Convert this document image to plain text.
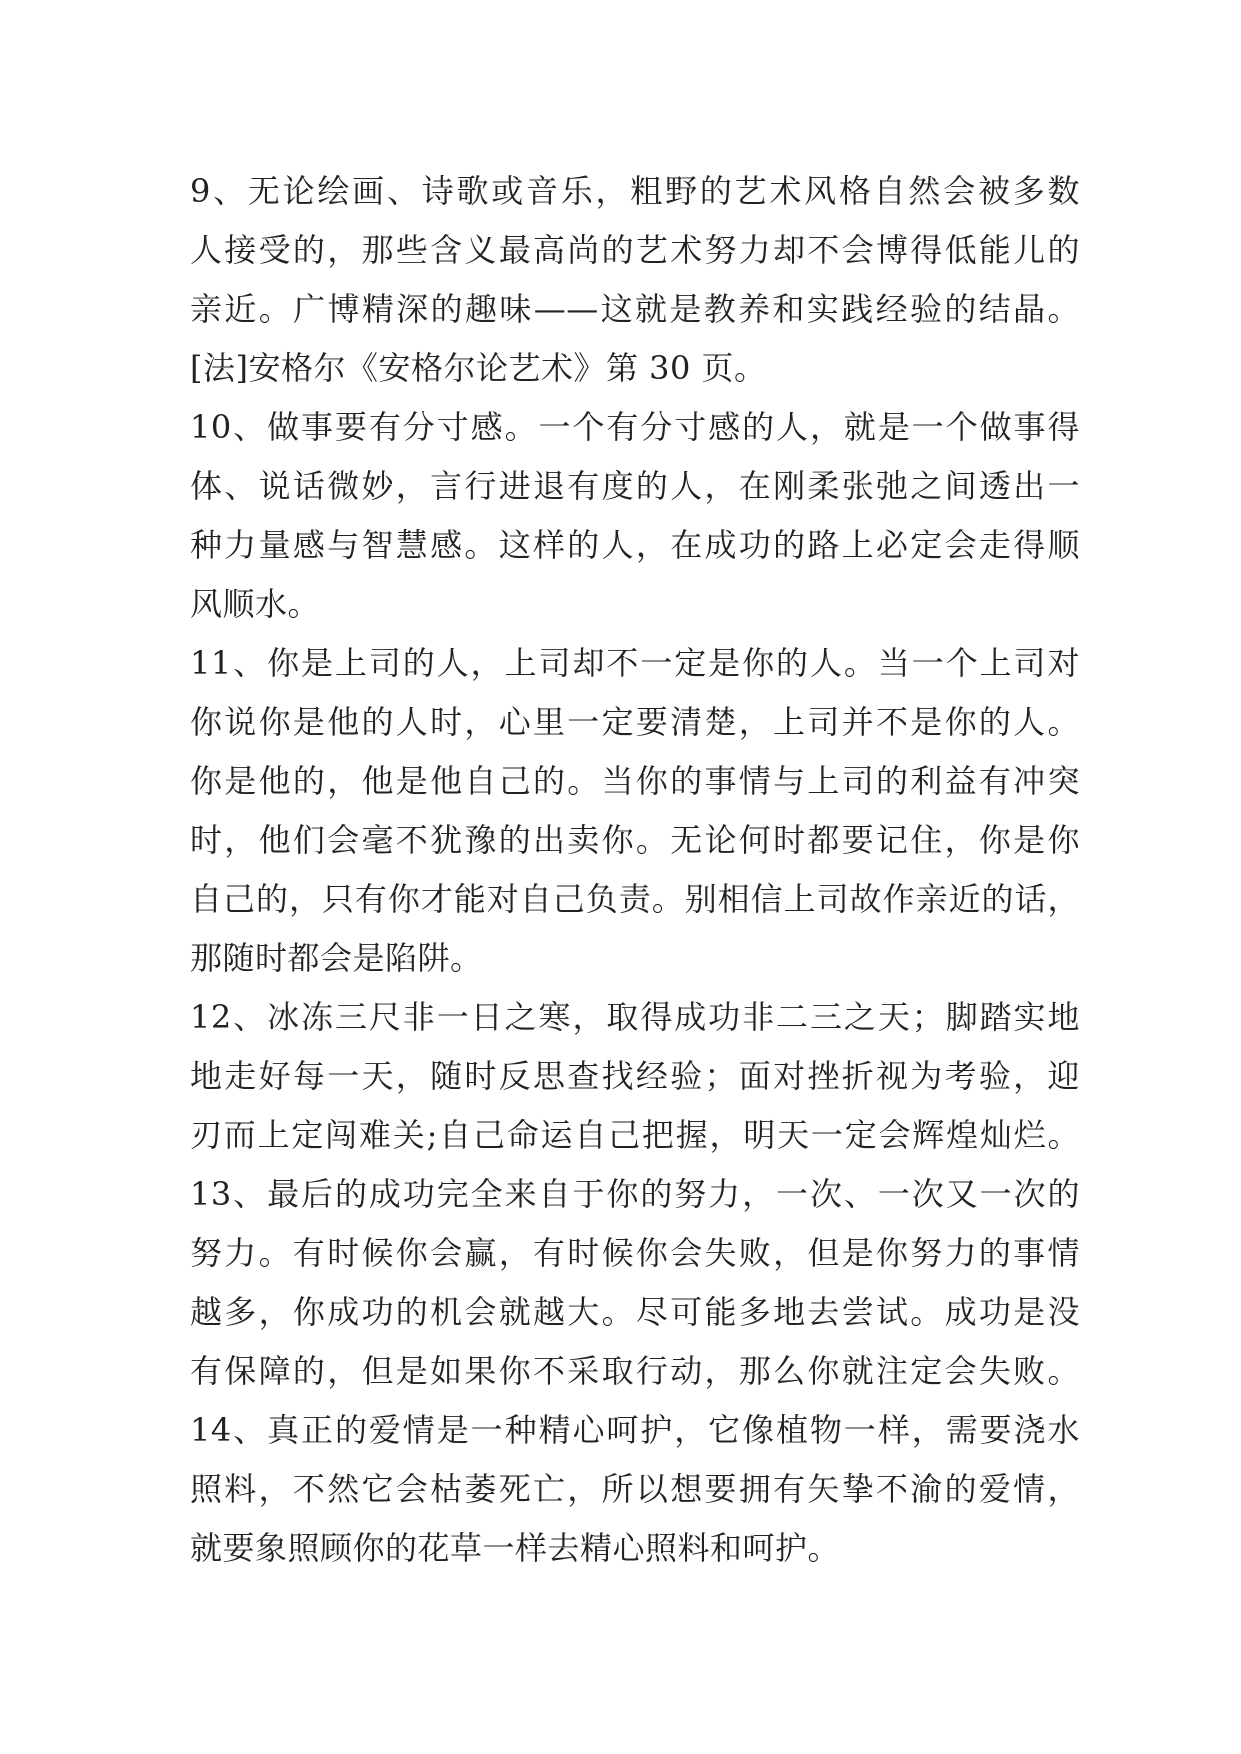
9、无论绘画、诗歌或音乐，粗野的艺术风格自然会被多数
人接受的，那些含义最高尚的艺术努力却不会博得低能儿的
亲近。广博精深的趣味——这就是教养和实践经验的结晶。
[法]安格尔《安格尔论艺术》第 30 页。
10、做事要有分寸感。一个有分寸感的人，就是一个做事得
体、说话微妙，言行进退有度的人，在刚柔张弛之间透出一
种力量感与智慧感。这样的人，在成功的路上必定会走得顺
风顺水。
11、你是上司的人，上司却不一定是你的人。当一个上司对
你说你是他的人时，心里一定要清楚，上司并不是你的人。
你是他的，他是他自己的。当你的事情与上司的利益有冲突
时，他们会毫不犹豫的出卖你。无论何时都要记住，你是你
自己的，只有你才能对自己负责。别相信上司故作亲近的话，
那随时都会是陷阱。
12、冰冻三尺非一日之寒，取得成功非二三之天；脚踏实地
地走好每一天，随时反思查找经验；面对挫折视为考验，迎
刃而上定闯难关;自己命运自己把握，明天一定会辉煌灿烂。
13、最后的成功完全来自于你的努力，一次、一次又一次的
努力。有时候你会赢，有时候你会失败，但是你努力的事情
越多，你成功的机会就越大。尽可能多地去尝试。成功是没
有保障的，但是如果你不采取行动，那么你就注定会失败。
14、真正的爱情是一种精心呵护，它像植物一样，需要浇水
照料，不然它会枯萎死亡，所以想要拥有矢挚不渝的爱情，
就要象照顾你的花草一样去精心照料和呵护。
